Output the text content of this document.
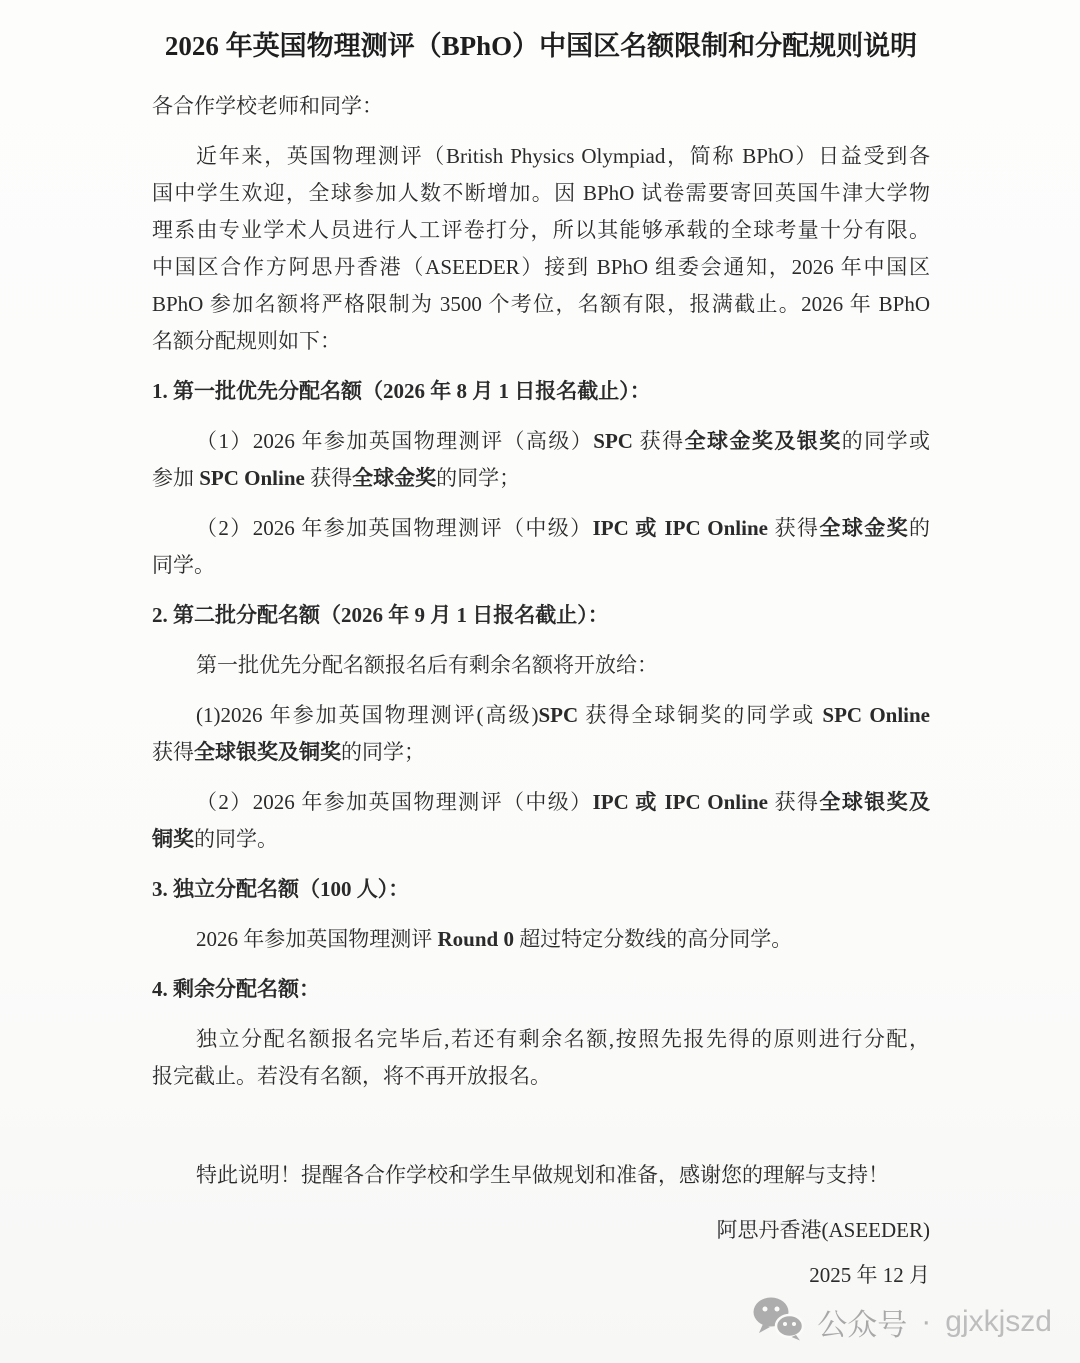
2026 年英国物理测评（BPhO）中国区名额限制和分配规则说明
各合作学校老师和同学：
近年来，英国物理测评（British Physics Olympiad，简称 BPhO）日益受到各
国中学生欢迎，全球参加人数不断增加。因 BPhO 试卷需要寄回英国牛津大学物
理系由专业学术人员进行人工评卷打分，所以其能够承载的全球考量十分有限。
中国区合作方阿思丹香港（ASEEDER）接到 BPhO 组委会通知，2026 年中国区
BPhO 参加名额将严格限制为 3500 个考位，名额有限，报满截止。2026 年 BPhO
名额分配规则如下：
1. 第一批优先分配名额（2026 年 8 月 1 日报名截止）：
（1）2026 年参加英国物理测评（高级）SPC 获得全球金奖及银奖的同学或
参加 SPC Online 获得全球金奖的同学；
（2）2026 年参加英国物理测评（中级）IPC 或 IPC Online 获得全球金奖的
同学。
2. 第二批分配名额（2026 年 9 月 1 日报名截止）：
第一批优先分配名额报名后有剩余名额将开放给：
(1)2026 年参加英国物理测评(高级)SPC 获得全球铜奖的同学或 SPC Online
获得全球银奖及铜奖的同学；
（2）2026 年参加英国物理测评（中级）IPC 或 IPC Online 获得全球银奖及
铜奖的同学。
3. 独立分配名额（100 人）：
2026 年参加英国物理测评 Round 0 超过特定分数线的高分同学。
4. 剩余分配名额：
独立分配名额报名完毕后,若还有剩余名额,按照先报先得的原则进行分配，
报完截止。若没有名额，将不再开放报名。
特此说明！提醒各合作学校和学生早做规划和准备，感谢您的理解与支持！
阿思丹香港(ASEEDER)
2025 年 12 月
公众号 · gjxkjszd
